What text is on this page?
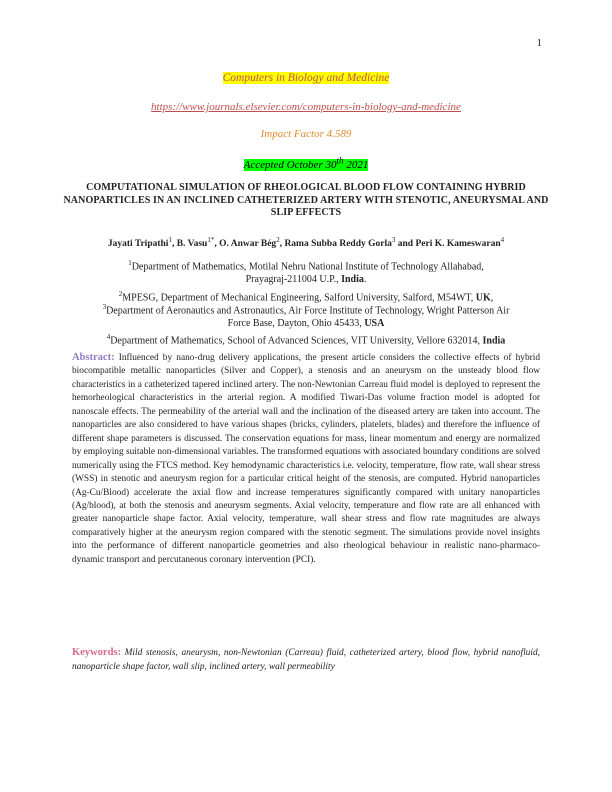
1
Computers in Biology and Medicine
https://www.journals.elsevier.com/computers-in-biology-and-medicine
Impact Factor 4.589
Accepted October 30th 2021
COMPUTATIONAL SIMULATION OF RHEOLOGICAL BLOOD FLOW CONTAINING HYBRID NANOPARTICLES IN AN INCLINED CATHETERIZED ARTERY WITH STENOTIC, ANEURYSMAL AND SLIP EFFECTS
Jayati Tripathi$^1$, B. Vasu$^{1*}$, O. Anwar Bég$^2$, Rama Subba Reddy Gorla$^3$ and Peri K. Kameswaran$^4$
$^1$Department of Mathematics, Motilal Nehru National Institute of Technology Allahabad,
Prayagraj-211004 U.P., India.
$^2$MPESG, Department of Mechanical Engineering, Salford University, Salford, M54WT, UK,
$^3$Department of Aeronautics and Astronautics, Air Force Institute of Technology, Wright Patterson Air
Force Base, Dayton, Ohio 45433, USA
$^4$Department of Mathematics, School of Advanced Sciences, VIT University, Vellore 632014, India
Abstract: Influenced by nano-drug delivery applications, the present article considers the collective effects of hybrid biocompatible metallic nanoparticles (Silver and Copper), a stenosis and an aneurysm on the unsteady blood flow characteristics in a catheterized tapered inclined artery. The non-Newtonian Carreau fluid model is deployed to represent the hemorheological characteristics in the arterial region. A modified Tiwari-Das volume fraction model is adopted for nanoscale effects. The permeability of the arterial wall and the inclination of the diseased artery are taken into account. The nanoparticles are also considered to have various shapes (bricks, cylinders, platelets, blades) and therefore the influence of different shape parameters is discussed. The conservation equations for mass, linear momentum and energy are normalized by employing suitable non-dimensional variables. The transformed equations with associated boundary conditions are solved numerically using the FTCS method. Key hemodynamic characteristics i.e. velocity, temperature, flow rate, wall shear stress (WSS) in stenotic and aneurysm region for a particular critical height of the stenosis, are computed. Hybrid nanoparticles (Ag-Cu/Blood) accelerate the axial flow and increase temperatures significantly compared with unitary nanoparticles (Ag/blood), at both the stenosis and aneurysm segments. Axial velocity, temperature and flow rate are all enhanced with greater nanoparticle shape factor. Axial velocity, temperature, wall shear stress and flow rate magnitudes are always comparatively higher at the aneurysm region compared with the stenotic segment. The simulations provide novel insights into the performance of different nanoparticle geometries and also rheological behaviour in realistic nano-pharmaco-dynamic transport and percutaneous coronary intervention (PCI).
Keywords: Mild stenosis, aneurysm, non-Newtonian (Carreau) fluid, catheterized artery, blood flow, hybrid nanofluid, nanoparticle shape factor, wall slip, inclined artery, wall permeability
